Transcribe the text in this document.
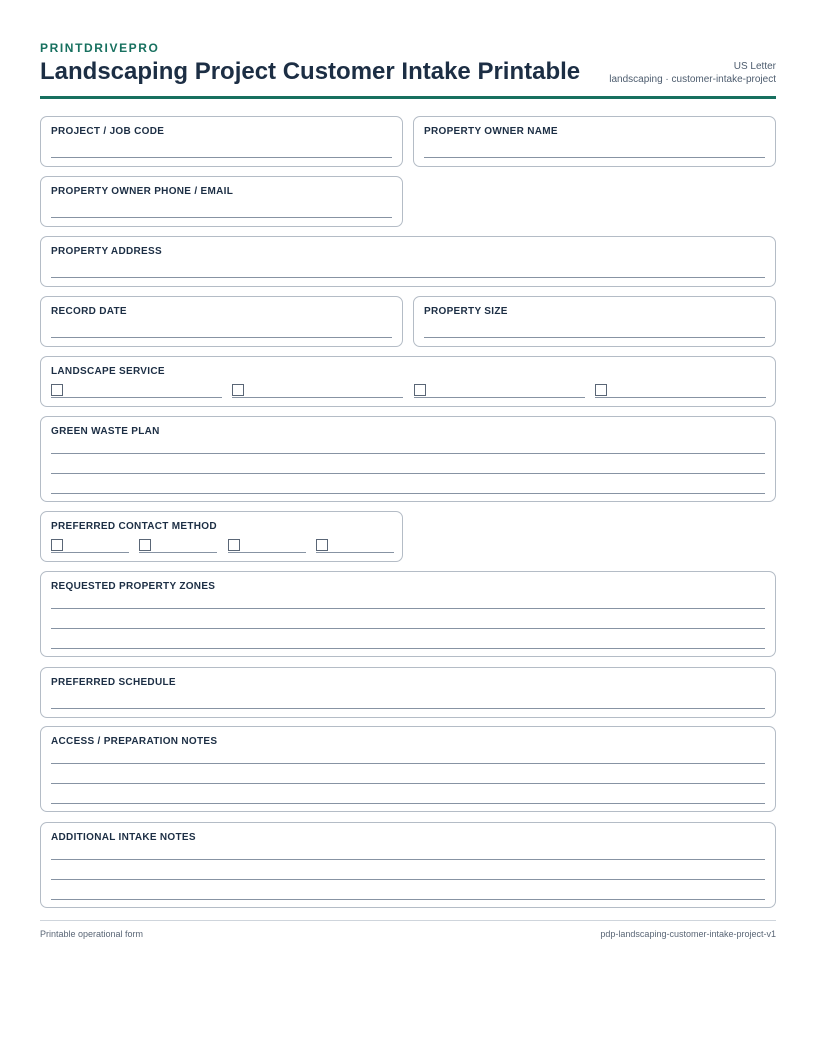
PRINTDRIVEPRO
Landscaping Project Customer Intake Printable	US Letter
landscaping · customer-intake-project
PROJECT / JOB CODE	PROPERTY OWNER NAME
PROPERTY OWNER PHONE / EMAIL
PROPERTY ADDRESS
RECORD DATE	PROPERTY SIZE
LANDSCAPE SERVICE
GREEN WASTE PLAN
PREFERRED CONTACT METHOD
REQUESTED PROPERTY ZONES
PREFERRED SCHEDULE
ACCESS / PREPARATION NOTES
ADDITIONAL INTAKE NOTES
Printable operational form	pdp-landscaping-customer-intake-project-v1
